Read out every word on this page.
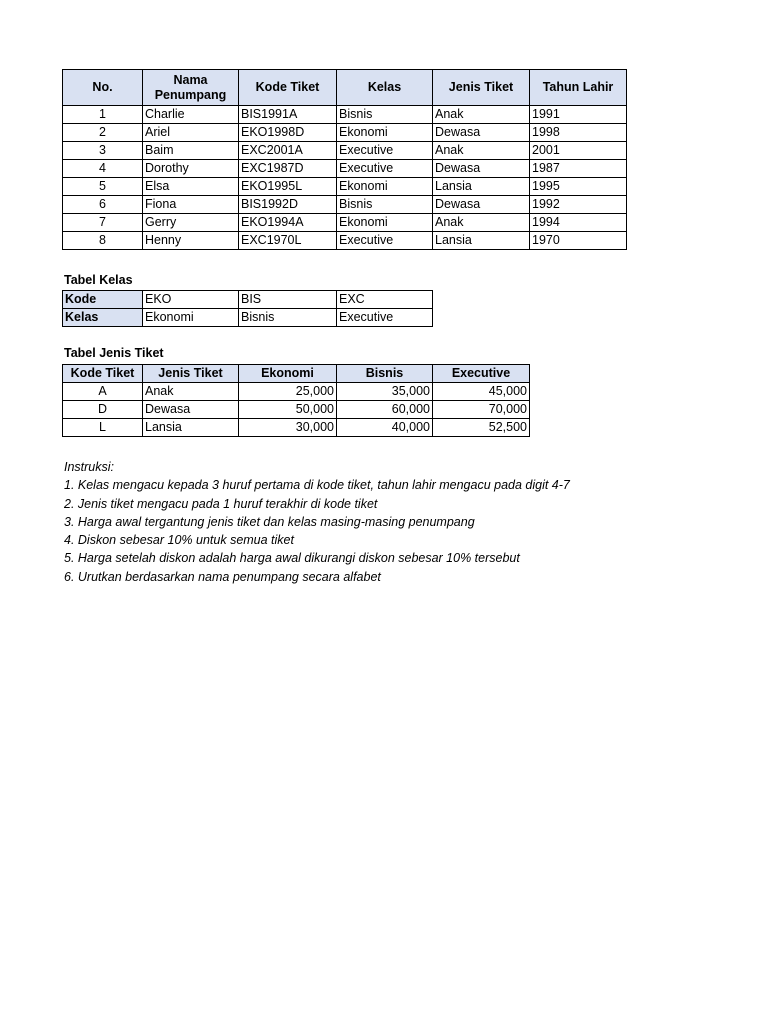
No.	Nama Penumpang	Kode Tiket	Kelas	Jenis Tiket	Tahun Lahir
1	Charlie	BIS1991A	Bisnis	Anak	1991
2	Ariel	EKO1998D	Ekonomi	Dewasa	1998
3	Baim	EXC2001A	Executive	Anak	2001
4	Dorothy	EXC1987D	Executive	Dewasa	1987
5	Elsa	EKO1995L	Ekonomi	Lansia	1995
6	Fiona	BIS1992D	Bisnis	Dewasa	1992
7	Gerry	EKO1994A	Ekonomi	Anak	1994
8	Henny	EXC1970L	Executive	Lansia	1970
Tabel Kelas
Kode	EKO	BIS	EXC
Kelas	Ekonomi	Bisnis	Executive
Tabel Jenis Tiket
Kode Tiket	Jenis Tiket	Ekonomi	Bisnis	Executive
A	Anak	25,000	35,000	45,000
D	Dewasa	50,000	60,000	70,000
L	Lansia	30,000	40,000	52,500
Instruksi:
1. Kelas mengacu kepada 3 huruf pertama di kode tiket, tahun lahir mengacu pada digit 4-7
2. Jenis tiket mengacu pada 1 huruf terakhir di kode tiket
3. Harga awal tergantung jenis tiket dan kelas masing-masing penumpang
4. Diskon sebesar 10% untuk semua tiket
5. Harga setelah diskon adalah harga awal dikurangi diskon sebesar 10% tersebut
6. Urutkan berdasarkan nama penumpang secara alfabet
